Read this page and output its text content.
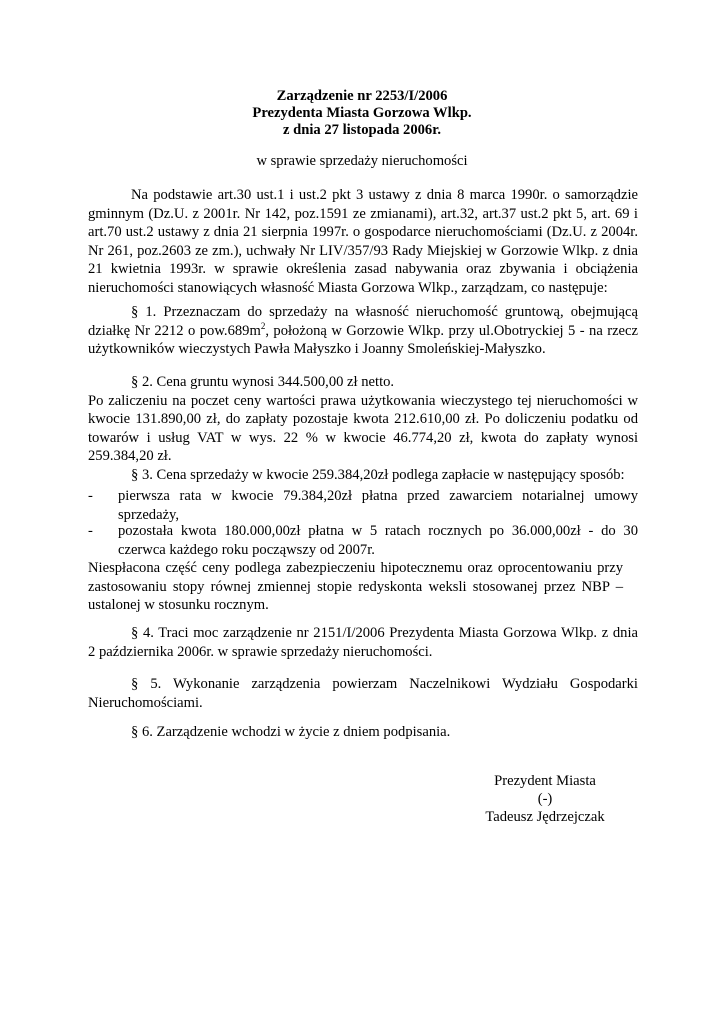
Zarządzenie nr 2253/I/2006
Prezydenta Miasta Gorzowa Wlkp.
z dnia 27 listopada 2006r.
w sprawie sprzedaży nieruchomości
Na podstawie art.30 ust.1 i ust.2 pkt 3 ustawy z dnia 8 marca 1990r. o samorządzie
gminnym (Dz.U. z 2001r. Nr 142, poz.1591 ze zmianami), art.32, art.37 ust.2 pkt 5, art. 69 i
art.70 ust.2 ustawy z dnia 21 sierpnia 1997r. o gospodarce nieruchomościami (Dz.U. z 2004r.
Nr 261, poz.2603 ze zm.), uchwały Nr LIV/357/93 Rady Miejskiej w Gorzowie Wlkp. z dnia
21 kwietnia 1993r. w sprawie określenia zasad nabywania oraz zbywania i obciążenia
nieruchomości stanowiących własność Miasta Gorzowa Wlkp., zarządzam, co następuje:
§ 1. Przeznaczam do sprzedaży na własność nieruchomość gruntową, obejmującą
działkę Nr 2212 o $pow.689m^2$, położoną w Gorzowie Wlkp. przy ul.Obotryckiej 5 - na rzecz
użytkowników wieczystych Pawła Małyszko i Joanny Smoleńskiej-Małyszko.
§ 2. Cena gruntu wynosi 344.500,00 zł netto.
Po zaliczeniu na poczet ceny wartości prawa użytkowania wieczystego tej nieruchomości w
kwocie 131.890,00 zł, do zapłaty pozostaje kwota 212.610,00 zł. Po doliczeniu podatku od
towarów i usług VAT w wys. 22 % w kwocie 46.774,20 zł, kwota do zapłaty wynosi
259.384,20 zł.
§ 3. Cena sprzedaży w kwocie 259.384,20zł podlega zapłacie w następujący sposób:
- pierwsza rata w kwocie 79.384,20zł płatna przed zawarciem notarialnej umowy
sprzedaży,
- pozostała kwota 180.000,00zł płatna w 5 ratach rocznych po 36.000,00zł - do 30
czerwca każdego roku począwszy od 2007r.
Niespłacona część ceny podlega zabezpieczeniu hipotecznemu oraz oprocentowaniu przy
zastosowaniu stopy równej zmiennej stopie redyskonta weksli stosowanej przez NBP –
ustalonej w stosunku rocznym.
§ 4. Traci moc zarządzenie nr 2151/I/2006 Prezydenta Miasta Gorzowa Wlkp. z dnia
2 października 2006r. w sprawie sprzedaży nieruchomości.
§ 5. Wykonanie zarządzenia powierzam Naczelnikowi Wydziału Gospodarki
Nieruchomościami.
§ 6. Zarządzenie wchodzi w życie z dniem podpisania.
Prezydent Miasta
(-)
Tadeusz Jędrzejczak
